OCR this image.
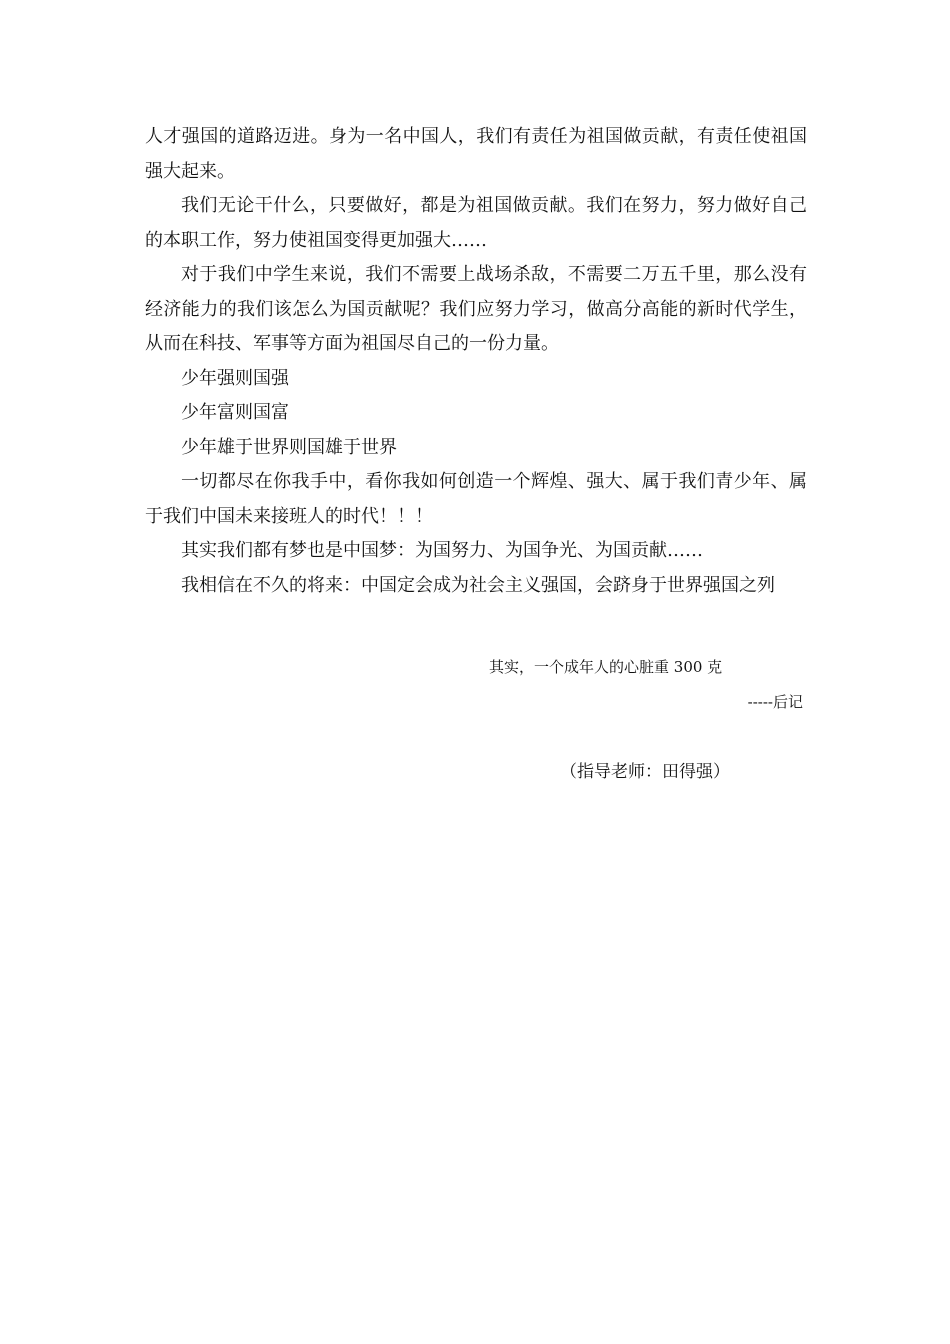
人才强国的道路迈进。身为一名中国人，我们有责任为祖国做贡献，有责任使祖国强大起来。

我们无论干什么，只要做好，都是为祖国做贡献。我们在努力，努力做好自己的本职工作，努力使祖国变得更加强大……

对于我们中学生来说，我们不需要上战场杀敌，不需要二万五千里，那么没有经济能力的我们该怎么为国贡献呢？我们应努力学习，做高分高能的新时代学生，从而在科技、军事等方面为祖国尽自己的一份力量。

少年强则国强

少年富则国富

少年雄于世界则国雄于世界

一切都尽在你我手中，看你我如何创造一个辉煌、强大、属于我们青少年、属于我们中国未来接班人的时代！！！

其实我们都有梦也是中国梦：为国努力、为国争光、为国贡献……

我相信在不久的将来：中国定会成为社会主义强国，会跻身于世界强国之列

其实，一个成年人的心脏重 300 克
-----后记
（指导老师：田得强）
